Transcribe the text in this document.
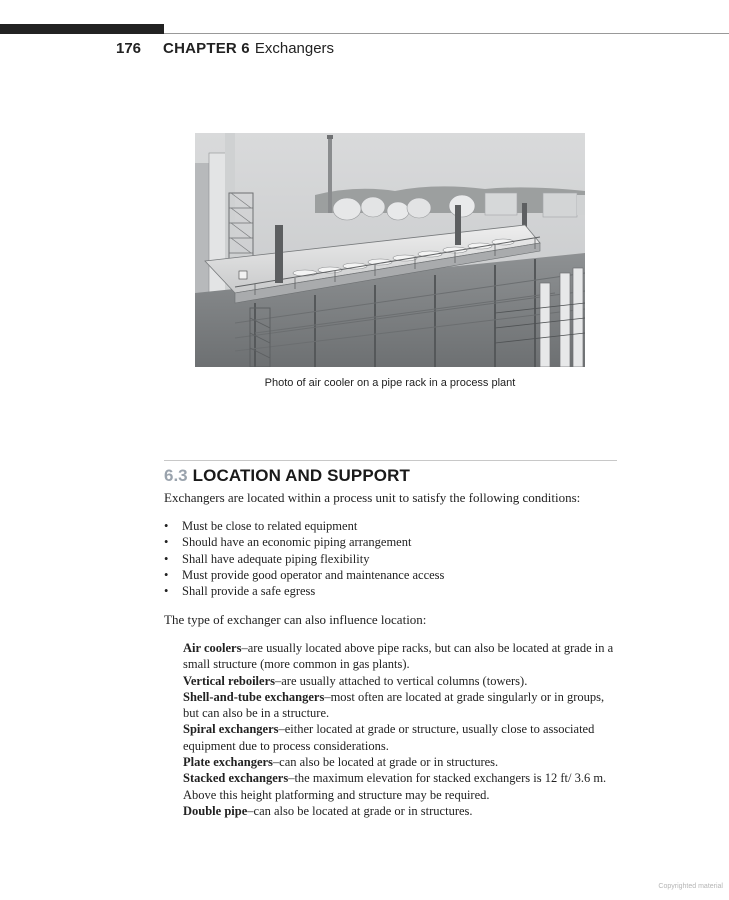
176 CHAPTER 6 Exchangers
Photo of air cooler on a pipe rack in a process plant
6.3 LOCATION AND SUPPORT

Exchangers are located within a process unit to satisfy the following conditions:

• Must be close to related equipment
• Should have an economic piping arrangement
• Shall have adequate piping flexibility
• Must provide good operator and maintenance access
• Shall provide a safe egress

The type of exchanger can also influence location:

Air coolers–are usually located above pipe racks, but can also be located at grade in a small structure (more common in gas plants).

Vertical reboilers–are usually attached to vertical columns (towers).

Shell-and-tube exchangers–most often are located at grade singularly or in groups, but can also be in a structure.

Spiral exchangers–either located at grade or structure, usually close to associated equipment due to process considerations.

Plate exchangers–can also be located at grade or in structures.

Stacked exchangers–the maximum elevation for stacked exchangers is 12 ft/ 3.6 m. Above this height platforming and structure may be required.

Double pipe–can also be located at grade or in structures.

Copyrighted material
